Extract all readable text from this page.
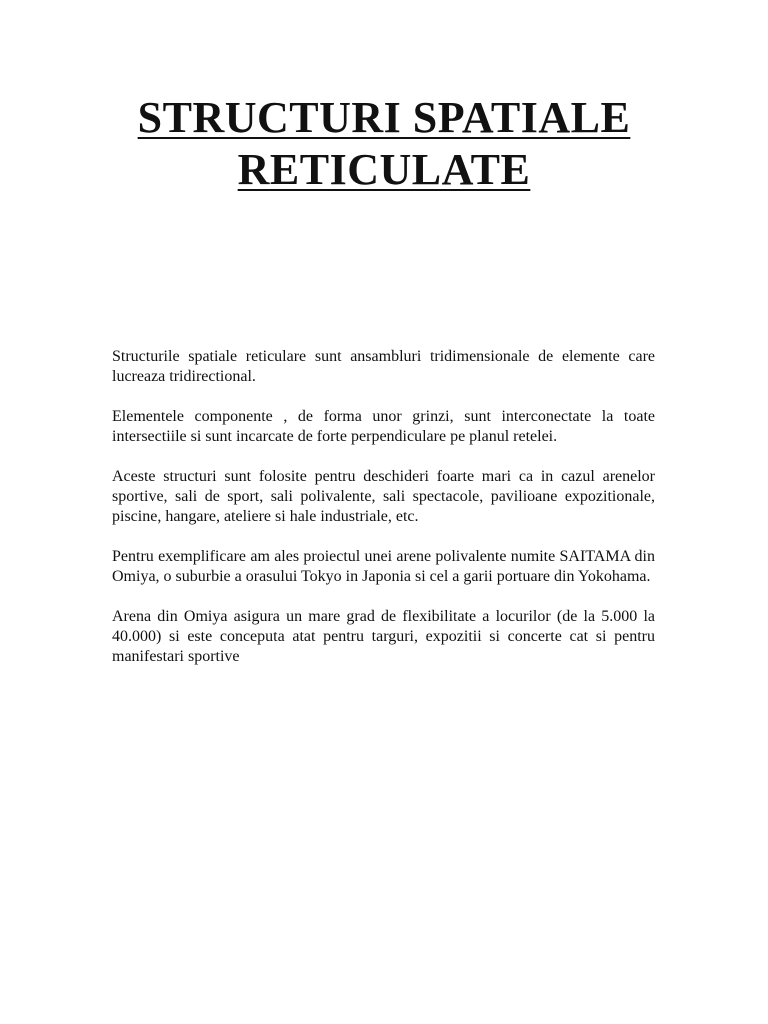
STRUCTURI SPATIALE
RETICULATE

Structurile spatiale reticulare sunt ansambluri tridimensionale de elemente care lucreaza tridirectional.

Elementele componente , de forma unor grinzi, sunt interconectate la toate intersectiile si sunt incarcate de forte perpendiculare pe planul retelei.

Aceste structuri sunt folosite pentru deschideri foarte mari ca in cazul arenelor sportive, sali de sport, sali polivalente, sali spectacole, pavilioane expozitionale, piscine, hangare, ateliere si hale industriale, etc.

Pentru exemplificare am ales proiectul unei arene polivalente numite SAITAMA din Omiya, o suburbie a orasului Tokyo in Japonia si cel a garii portuare din Yokohama.

Arena din Omiya asigura un mare grad de flexibilitate a locurilor (de la 5.000 la 40.000) si este conceputa atat pentru targuri, expozitii si concerte cat si pentru manifestari sportive
